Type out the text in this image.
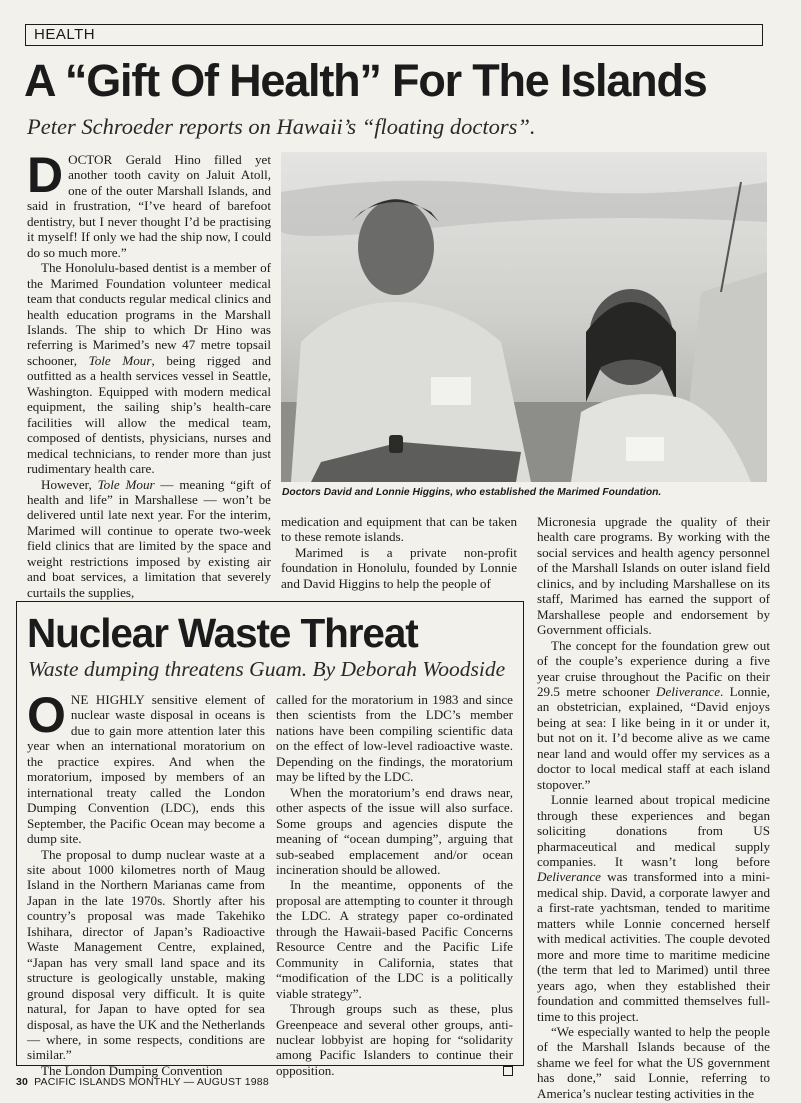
HEALTH
A “Gift Of Health” For The Islands

Peter Schroeder reports on Hawaii’s “floating doctors”.

DOCTOR Gerald Hino filled yet another tooth cavity on Jaluit Atoll, one of the outer Marshall Islands, and said in frustration, “I’ve heard of barefoot dentistry, but I never thought I’d be practising it myself! If only we had the ship now, I could do so much more.”

The Honolulu-based dentist is a member of the Marimed Foundation volunteer medical team that conducts regular medical clinics and health education programs in the Marshall Islands. The ship to which Dr Hino was referring is Marimed’s new 47 metre topsail schooner, Tole Mour, being rigged and outfitted as a health services vessel in Seattle, Washington. Equipped with modern medical equipment, the sailing ship’s health-care facilities will allow the medical team, composed of dentists, physicians, nurses and medical technicians, to render more than just rudimentary health care.

However, Tole Mour — meaning “gift of health and life” in Marshallese — won’t be delivered until late next year. For the interim, Marimed will continue to operate two-week field clinics that are limited by the space and weight restrictions imposed by existing air and boat services, a limitation that severely curtails the supplies,

Doctors David and Lonnie Higgins, who established the Marimed Foundation.

medication and equipment that can be taken to these remote islands.

Marimed is a private non-profit foundation in Honolulu, founded by Lonnie and David Higgins to help the people of

Micronesia upgrade the quality of their health care programs. By working with the social services and health agency personnel of the Marshall Islands on outer island field clinics, and by including Marshallese on its staff, Marimed has earned the support of Marshallese people and endorsement by Government officials.

The concept for the foundation grew out of the couple’s experience during a five year cruise throughout the Pacific on their 29.5 metre schooner Deliverance. Lonnie, an obstetrician, explained, “David enjoys being at sea: I like being in it or under it, but not on it. I’d become alive as we came near land and would offer my services as a doctor to local medical staff at each island stopover.”

Lonnie learned about tropical medicine through these experiences and began soliciting donations from US pharmaceutical and medical supply companies. It wasn’t long before Deliverance was transformed into a mini-medical ship. David, a corporate lawyer and a first-rate yachtsman, tended to maritime matters while Lonnie concerned herself with medical activities. The couple devoted more and more time to maritime medicine (the term that led to Marimed) until three years ago, when they established their foundation and committed themselves full-time to this project.

“We especially wanted to help the people of the Marshall Islands because of the shame we feel for what the US government has done,” said Lonnie, referring to America’s nuclear testing activities in the

Nuclear Waste Threat

Waste dumping threatens Guam. By Deborah Woodside

ONE HIGHLY sensitive element of nuclear waste disposal in oceans is due to gain more attention later this year when an international moratorium on the practice expires. And when the moratorium, imposed by members of an international treaty called the London Dumping Convention (LDC), ends this September, the Pacific Ocean may become a dump site.

The proposal to dump nuclear waste at a site about 1000 kilometres north of Maug Island in the Northern Marianas came from Japan in the late 1970s. Shortly after his country’s proposal was made Takehiko Ishihara, director of Japan’s Radioactive Waste Management Centre, explained, “Japan has very small land space and its structure is geologically unstable, making ground disposal very difficult. It is quite natural, for Japan to have opted for sea disposal, as have the UK and the Netherlands — where, in some respects, conditions are similar.”

The London Dumping Convention

called for the moratorium in 1983 and since then scientists from the LDC’s member nations have been compiling scientific data on the effect of low-level radioactive waste. Depending on the findings, the moratorium may be lifted by the LDC.

When the moratorium’s end draws near, other aspects of the issue will also surface. Some groups and agencies dispute the meaning of “ocean dumping”, arguing that sub-seabed emplacement and/or ocean incineration should be allowed.

In the meantime, opponents of the proposal are attempting to counter it through the LDC. A strategy paper co-ordinated through the Hawaii-based Pacific Concerns Resource Centre and the Pacific Life Community in California, states that “modification of the LDC is a politically viable strategy”.

Through groups such as these, plus Greenpeace and several other groups, anti-nuclear lobbyist are hoping for “solidarity among Pacific Islanders to continue their opposition.

30 PACIFIC ISLANDS MONTHLY — AUGUST 1988
